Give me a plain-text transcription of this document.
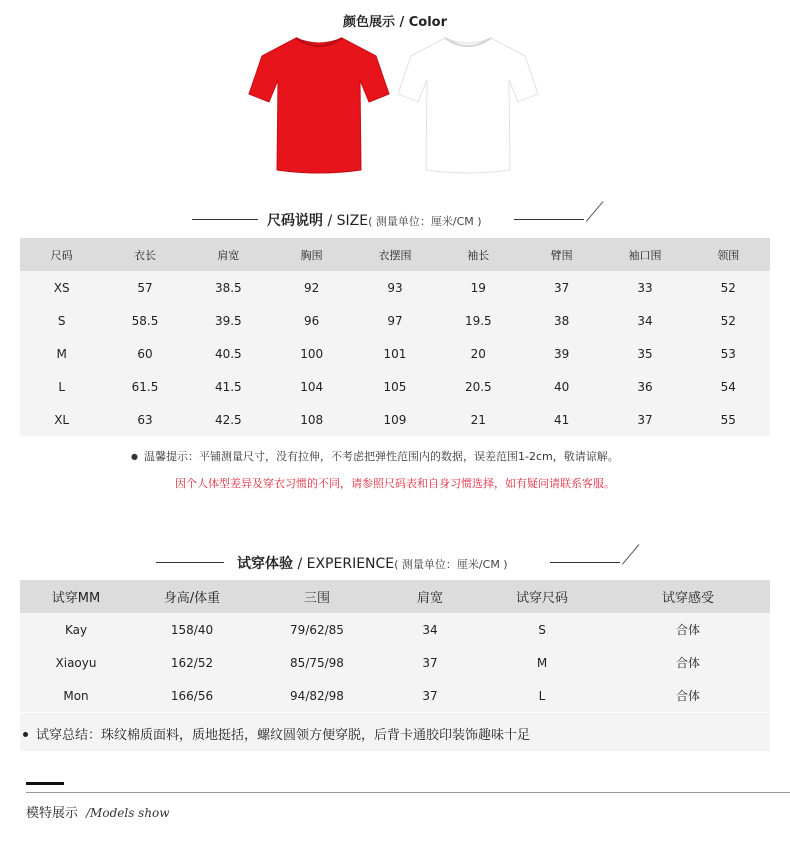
颜色展示 / Color
尺码说明 / SIZE( 测量单位：厘米/CM )
尺码	衣长	肩宽	胸围	衣摆围	袖长	臂围	袖口围	领围
XS	57	38.5	92	93	19	37	33	52
S	58.5	39.5	96	97	19.5	38	34	52
M	60	40.5	100	101	20	39	35	53
L	61.5	41.5	104	105	20.5	40	36	54
XL	63	42.5	108	109	21	41	37	55
● 温馨提示：平铺测量尺寸，没有拉伸，不考虑把弹性范围内的数据，误差范围1-2cm，敬请谅解。
因个人体型差异及穿衣习惯的不同，请参照尺码表和自身习惯选择，如有疑问请联系客服。
试穿体验 / EXPERIENCE( 测量单位：厘米/CM )
试穿MM	身高/体重	三围	肩宽	试穿尺码	试穿感受
Kay	158/40	79/62/85	34	S	合体
Xiaoyu	162/52	85/75/98	37	M	合体
Mon	166/56	94/82/98	37	L	合体
试穿总结：珠纹棉质面料，质地挺括，螺纹圆领方便穿脱，后背卡通胶印装饰趣味十足
模特展示 /Models show
